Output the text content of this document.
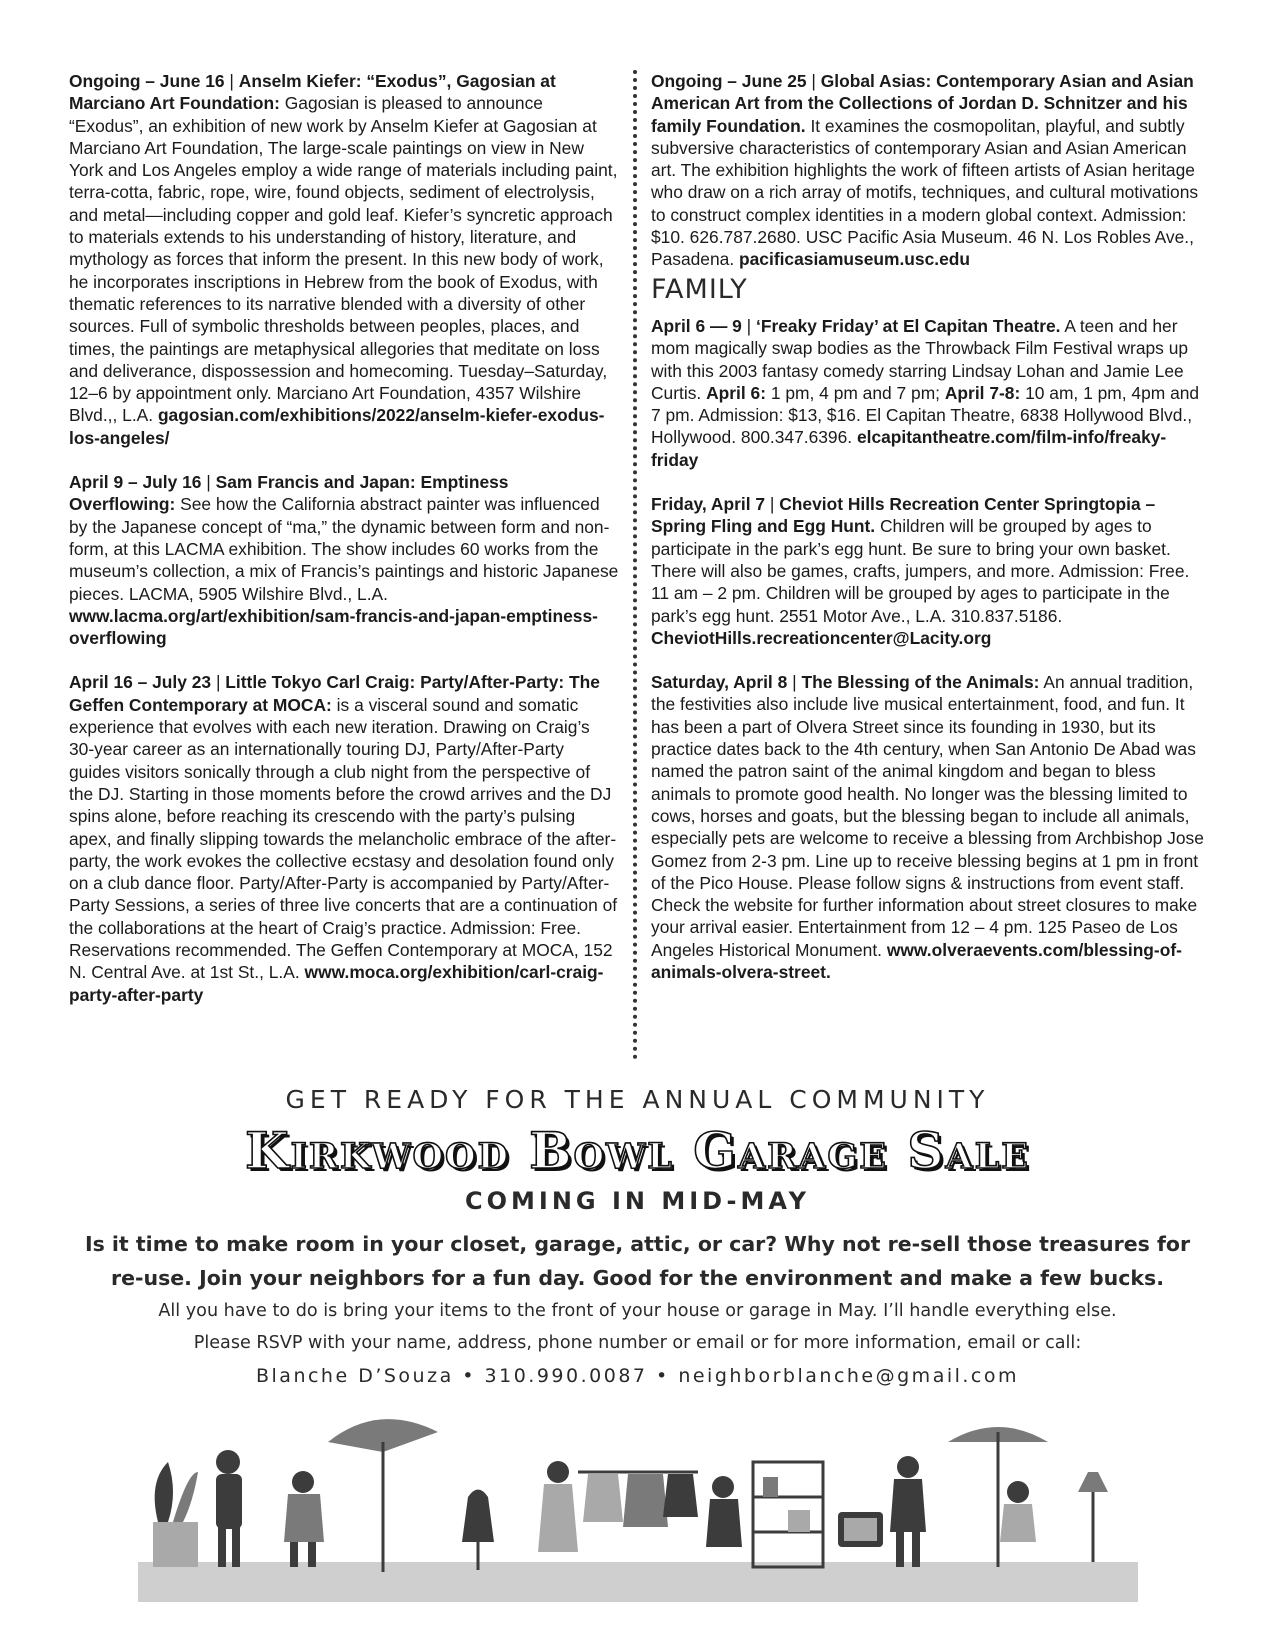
Ongoing – June 16 | Anselm Kiefer: “Exodus”, Gagosian at Marciano Art Foundation: Gagosian is pleased to announce “Exodus”, an exhibition of new work by Anselm Kiefer at Gagosian at Marciano Art Foundation, The large-scale paintings on view in New York and Los Angeles employ a wide range of materials including paint, terra-cotta, fabric, rope, wire, found objects, sediment of electrolysis, and metal—including copper and gold leaf. Kiefer’s syncretic approach to materials extends to his understanding of history, literature, and mythology as forces that inform the present. In this new body of work, he incorporates inscriptions in Hebrew from the book of Exodus, with thematic references to its narrative blended with a diversity of other sources. Full of symbolic thresholds between peoples, places, and times, the paintings are metaphysical allegories that meditate on loss and deliverance, dispossession and homecoming. Tuesday–Saturday, 12–6 by appointment only. Marciano Art Foundation, 4357 Wilshire Blvd.,, L.A. gagosian.com/exhibitions/2022/anselm-kiefer-exodus-los-angeles/

April 9 – July 16 | Sam Francis and Japan: Emptiness Overflowing: See how the California abstract painter was influenced by the Japanese concept of “ma,” the dynamic between form and non-form, at this LACMA exhibition. The show includes 60 works from the museum’s collection, a mix of Francis’s paintings and historic Japanese pieces. LACMA, 5905 Wilshire Blvd., L.A. www.lacma.org/art/exhibition/sam-francis-and-japan-emptiness-overflowing

April 16 – July 23 | Little Tokyo Carl Craig: Party/After-Party: The Geffen Contemporary at MOCA: is a visceral sound and somatic experience that evolves with each new iteration. Drawing on Craig’s 30-year career as an internationally touring DJ, Party/After-Party guides visitors sonically through a club night from the perspective of the DJ. Starting in those moments before the crowd arrives and the DJ spins alone, before reaching its crescendo with the party’s pulsing apex, and finally slipping towards the melancholic embrace of the after-party, the work evokes the collective ecstasy and desolation found only on a club dance floor. Party/After-Party is accompanied by Party/After-Party Sessions, a series of three live concerts that are a continuation of the collaborations at the heart of Craig’s practice. Admission: Free. Reservations recommended. The Geffen Contemporary at MOCA, 152 N. Central Ave. at 1st St., L.A. www.moca.org/exhibition/carl-craig-party-after-party

Ongoing – June 25 | Global Asias: Contemporary Asian and Asian American Art from the Collections of Jordan D. Schnitzer and his family Foundation. It examines the cosmopolitan, playful, and subtly subversive characteristics of contemporary Asian and Asian American art. The exhibition highlights the work of fifteen artists of Asian heritage who draw on a rich array of motifs, techniques, and cultural motivations to construct complex identities in a modern global context. Admission: $10. 626.787.2680. USC Pacific Asia Museum. 46 N. Los Robles Ave., Pasadena. pacificasiamuseum.usc.edu

FAMILY

April 6 — 9 | ‘Freaky Friday’ at El Capitan Theatre. A teen and her mom magically swap bodies as the Throwback Film Festival wraps up with this 2003 fantasy comedy starring Lindsay Lohan and Jamie Lee Curtis. April 6: 1 pm, 4 pm and 7 pm; April 7-8: 10 am, 1 pm, 4pm and 7 pm. Admission: $13, $16. El Capitan Theatre, 6838 Hollywood Blvd., Hollywood. 800.347.6396. elcapitantheatre.com/film-info/freaky-friday

Friday, April 7 | Cheviot Hills Recreation Center Springtopia – Spring Fling and Egg Hunt. Children will be grouped by ages to participate in the park’s egg hunt. Be sure to bring your own basket. There will also be games, crafts, jumpers, and more. Admission: Free. 11 am – 2 pm. Children will be grouped by ages to participate in the park’s egg hunt. 2551 Motor Ave., L.A. 310.837.5186. CheviotHills.recreationcenter@Lacity.org

Saturday, April 8 | The Blessing of the Animals: An annual tradition, the festivities also include live musical entertainment, food, and fun. It has been a part of Olvera Street since its founding in 1930, but its practice dates back to the 4th century, when San Antonio De Abad was named the patron saint of the animal kingdom and began to bless animals to promote good health. No longer was the blessing limited to cows, horses and goats, but the blessing began to include all animals, especially pets are welcome to receive a blessing from Archbishop Jose Gomez from 2-3 pm. Line up to receive blessing begins at 1 pm in front of the Pico House. Please follow signs & instructions from event staff. Check the website for further information about street closures to make your arrival easier. Entertainment from 12 – 4 pm. 125 Paseo de Los Angeles Historical Monument. www.olveraevents.com/blessing-of-animals-olvera-street.

GET READY FOR THE ANNUAL COMMUNITY

Kirkwood Bowl Garage Sale
COMING IN MID-MAY

Is it time to make room in your closet, garage, attic, or car? Why not re-sell those treasures for

re-use. Join your neighbors for a fun day. Good for the environment and make a few bucks.

All you have to do is bring your items to the front of your house or garage in May. I’ll handle everything else.

Please RSVP with your name, address, phone number or email or for more information, email or call:

Blanche D’Souza • 310.990.0087 • neighborblanche@gmail.com
